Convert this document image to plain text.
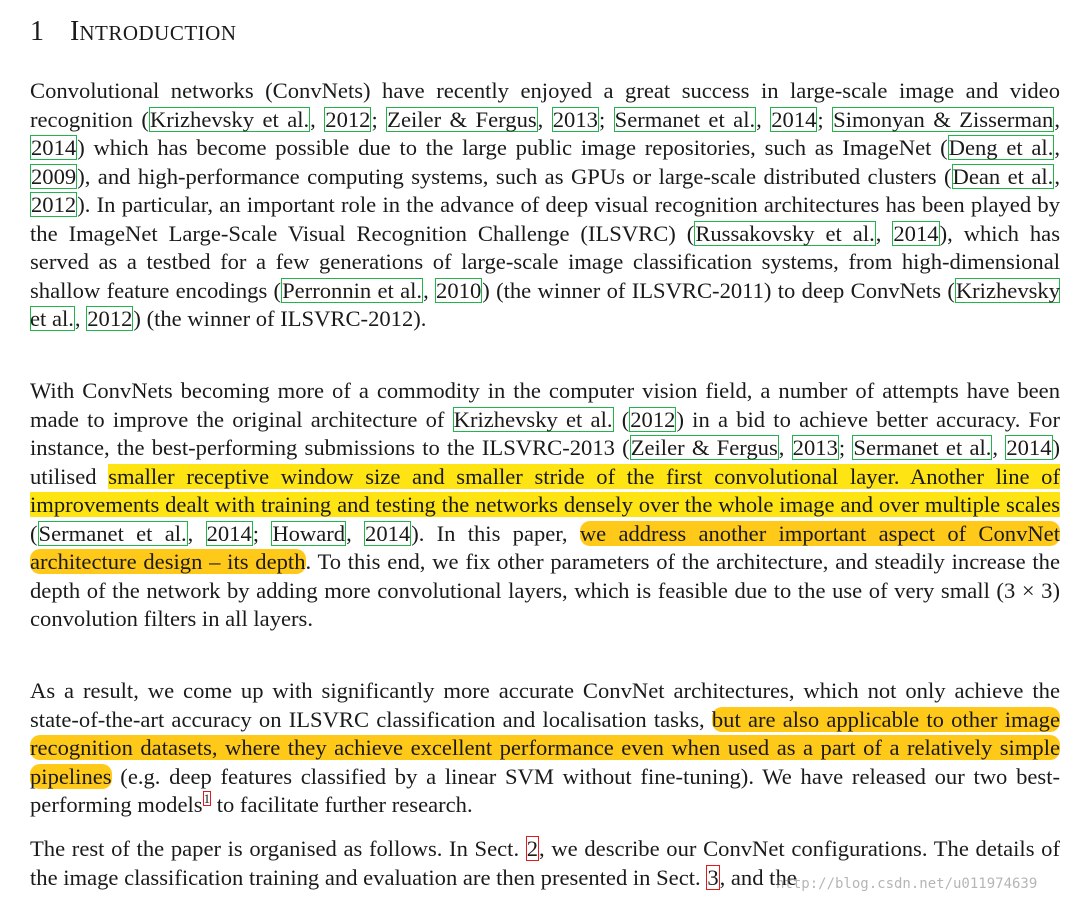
1 INTRODUCTION

Convolutional networks (ConvNets) have recently enjoyed a great success in large-scale image and video recognition (Krizhevsky et al., 2012; Zeiler & Fergus, 2013; Sermanet et al., 2014; Simonyan & Zisserman, 2014) which has become possible due to the large public image repositories, such as ImageNet (Deng et al., 2009), and high-performance computing systems, such as GPUs or large-scale distributed clusters (Dean et al., 2012). In particular, an important role in the advance of deep visual recognition architectures has been played by the ImageNet Large-Scale Visual Recognition Challenge (ILSVRC) (Russakovsky et al., 2014), which has served as a testbed for a few generations of large-scale image classification systems, from high-dimensional shallow feature encodings (Perronnin et al., 2010) (the winner of ILSVRC-2011) to deep ConvNets (Krizhevsky et al., 2012) (the winner of ILSVRC-2012).

With ConvNets becoming more of a commodity in the computer vision field, a number of attempts have been made to improve the original architecture of Krizhevsky et al. (2012) in a bid to achieve better accuracy. For instance, the best-performing submissions to the ILSVRC-2013 (Zeiler & Fergus, 2013; Sermanet et al., 2014) utilised smaller receptive window size and smaller stride of the first convolutional layer. Another line of improvements dealt with training and testing the networks densely over the whole image and over multiple scales (Sermanet et al., 2014; Howard, 2014). In this paper, we address another important aspect of ConvNet architecture design – its depth. To this end, we fix other parameters of the architecture, and steadily increase the depth of the network by adding more convolutional layers, which is feasible due to the use of very small (3 × 3) convolution filters in all layers.

As a result, we come up with significantly more accurate ConvNet architectures, which not only achieve the state-of-the-art accuracy on ILSVRC classification and localisation tasks, but are also applicable to other image recognition datasets, where they achieve excellent performance even when used as a part of a relatively simple pipelines (e.g. deep features classified by a linear SVM without fine-tuning). We have released our two best-performing models$^1$ to facilitate further research.

The rest of the paper is organised as follows. In Sect. 2, we describe our ConvNet configurations. The details of the image classification training and evaluation are then presented in Sect. 3, and the

http://blog.csdn.net/u011974639
